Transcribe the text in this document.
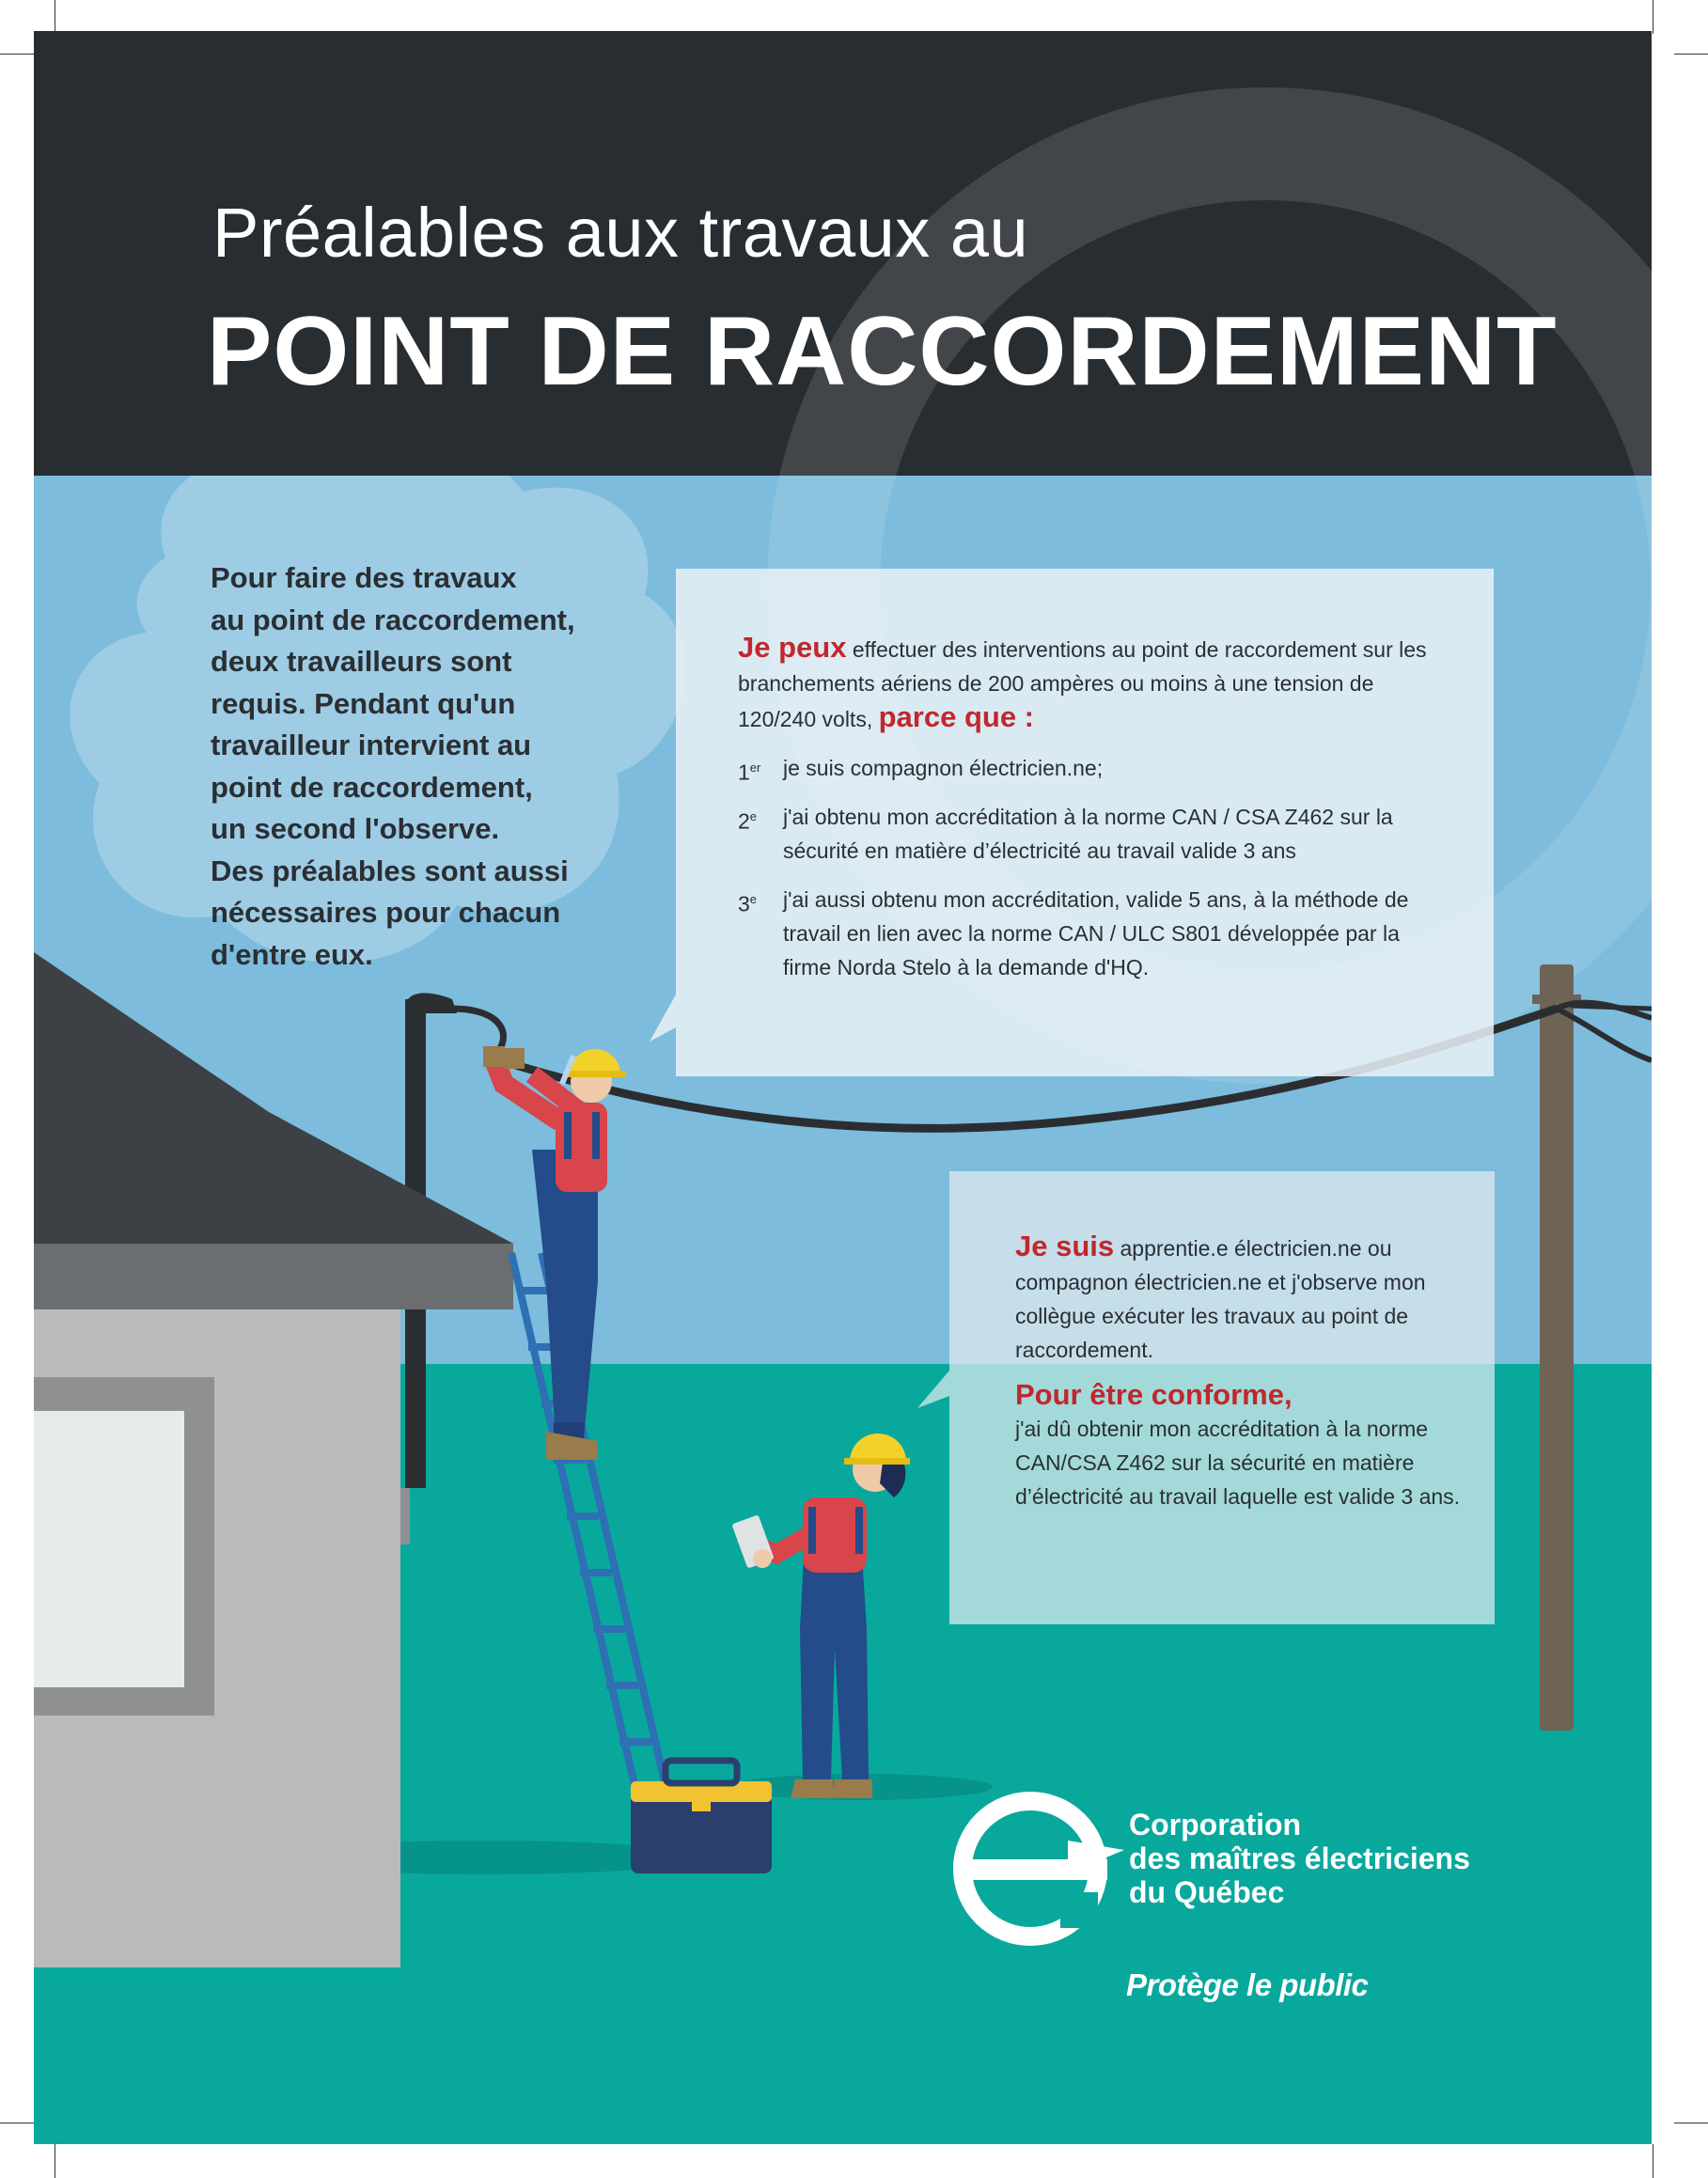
Préalables aux travaux au
POINT DE RACCORDEMENT
Pour faire des travaux
au point de raccordement,
deux travailleurs sont
requis. Pendant qu'un
travailleur intervient au
point de raccordement,
un second l'observe.
Des préalables sont aussi
nécessaires pour chacun
d'entre eux.

Je peux effectuer des interventions au point de raccordement sur les branchements aériens de 200 ampères ou moins à une tension de 120/240 volts, parce que :

1er je suis compagnon électricien.ne;
2e j'ai obtenu mon accréditation à la norme CAN / CSA Z462 sur la sécurité en matière d’électricité au travail valide 3 ans
3e j'ai aussi obtenu mon accréditation, valide 5 ans, à la méthode de travail en lien avec la norme CAN / ULC S801 développée par la firme Norda Stelo à la demande d'HQ.

Je suis apprentie.e électricien.ne ou compagnon électricien.ne et j'observe mon collègue exécuter les travaux au point de raccordement.

Pour être conforme,
j'ai dû obtenir mon accréditation à la norme CAN/CSA Z462 sur la sécurité en matière d’électricité au travail laquelle est valide 3 ans.
Corporation
des maîtres électriciens
du Québec
Protège le public
